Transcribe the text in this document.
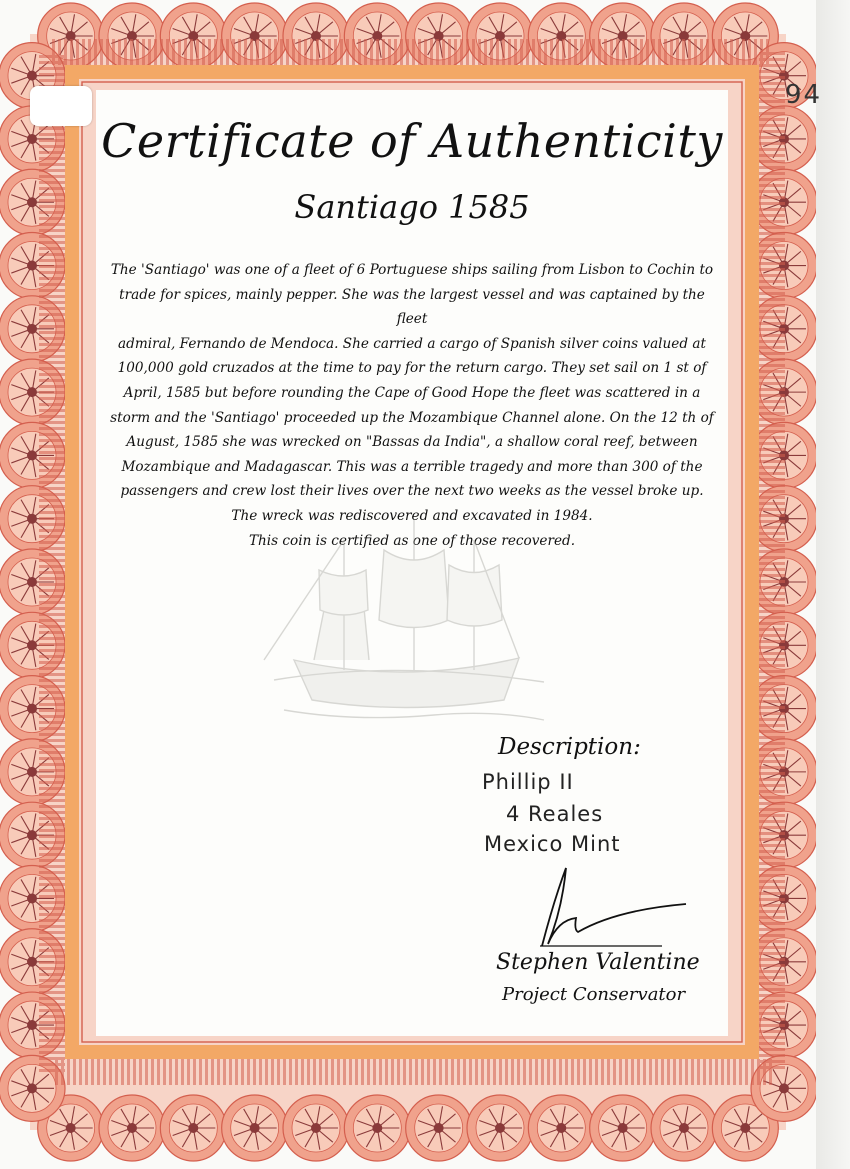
94
Certificate of Authenticity
Santiago 1585
The 'Santiago' was one of a fleet of 6 Portuguese ships sailing from Lisbon to Cochin to
trade for spices, mainly pepper. She was the largest vessel and was captained by the fleet
admiral, Fernando de Mendoca. She carried a cargo of Spanish silver coins valued at
100,000 gold cruzados at the time to pay for the return cargo. They set sail on 1 st of
April, 1585 but before rounding the Cape of Good Hope the fleet was scattered in a
storm and the 'Santiago' proceeded up the Mozambique Channel alone. On the 12 th of
August, 1585 she was wrecked on "Bassas da India", a shallow coral reef, between
Mozambique and Madagascar. This was a terrible tragedy and more than 300 of the
passengers and crew lost their lives over the next two weeks as the vessel broke up.
The wreck was rediscovered and excavated in 1984.
This coin is certified as one of those recovered.
Description:
Phillip II
4 Reales
Mexico Mint
Stephen Valentine
Project Conservator
